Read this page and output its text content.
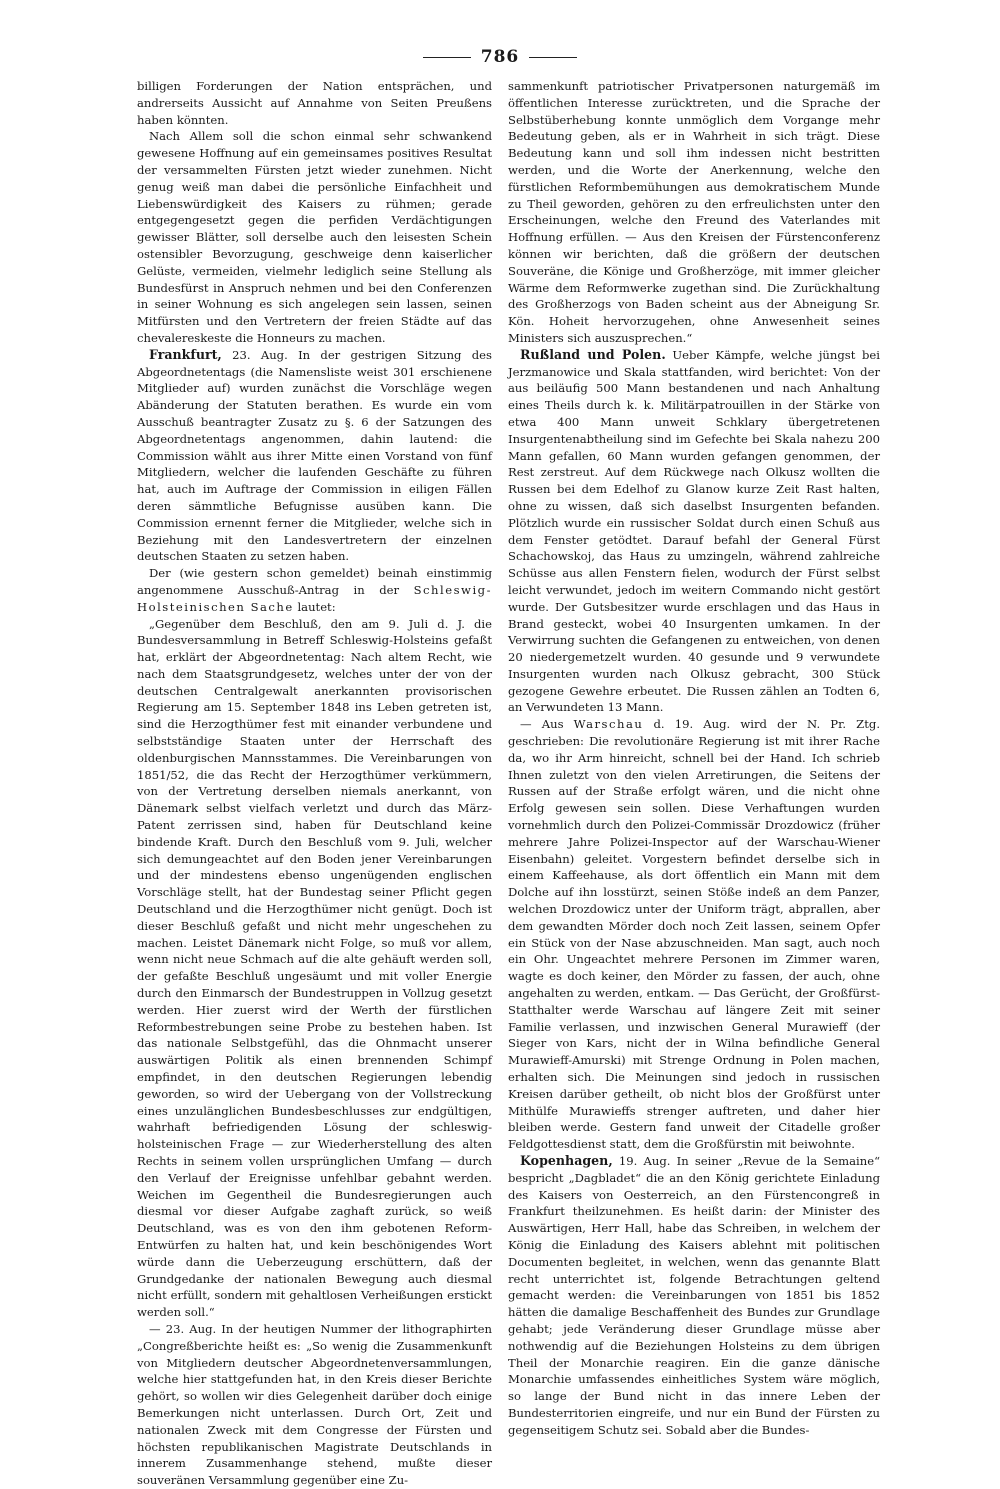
786

billigen Forderungen der Nation entsprächen, und andrerseits Aussicht auf Annahme von Seiten Preußens haben könnten.

Nach Allem soll die schon einmal sehr schwankend gewesene Hoffnung auf ein gemeinsames positives Resultat der versammelten Fürsten jetzt wieder zunehmen. Nicht genug weiß man dabei die persönliche Einfachheit und Liebenswürdigkeit des Kaisers zu rühmen; gerade entgegengesetzt gegen die perfiden Verdächtigungen gewisser Blätter, soll derselbe auch den leisesten Schein ostensibler Bevorzugung, geschweige denn kaiserlicher Gelüste, vermeiden, vielmehr lediglich seine Stellung als Bundesfürst in Anspruch nehmen und bei den Conferenzen in seiner Wohnung es sich angelegen sein lassen, seinen Mitfürsten und den Vertretern der freien Städte auf das chevalereskeste die Honneurs zu machen.

Frankfurt, 23. Aug. In der gestrigen Sitzung des Abgeordnetentags (die Namensliste weist 301 erschienene Mitglieder auf) wurden zunächst die Vorschläge wegen Abänderung der Statuten berathen. Es wurde ein vom Ausschuß beantragter Zusatz zu §. 6 der Satzungen des Abgeordnetentags angenommen, dahin lautend: die Commission wählt aus ihrer Mitte einen Vorstand von fünf Mitgliedern, welcher die laufenden Geschäfte zu führen hat, auch im Auftrage der Commission in eiligen Fällen deren sämmtliche Befugnisse ausüben kann. Die Commission ernennt ferner die Mitglieder, welche sich in Beziehung mit den Landesvertretern der einzelnen deutschen Staaten zu setzen haben.

Der (wie gestern schon gemeldet) beinah einstimmig angenommene Ausschuß-Antrag in der Schleswig-Holsteinischen Sache lautet:

„Gegenüber dem Beschluß, den am 9. Juli d. J. die Bundesversammlung in Betreff Schleswig-Holsteins gefaßt hat, erklärt der Abgeordnetentag: Nach altem Recht, wie nach dem Staatsgrundgesetz, welches unter der von der deutschen Centralgewalt anerkannten provisorischen Regierung am 15. September 1848 ins Leben getreten ist, sind die Herzogthümer fest mit einander verbundene und selbstständige Staaten unter der Herrschaft des oldenburgischen Mannsstammes. Die Vereinbarungen von 1851/52, die das Recht der Herzogthümer verkümmern, von der Vertretung derselben niemals anerkannt, von Dänemark selbst vielfach verletzt und durch das März-Patent zerrissen sind, haben für Deutschland keine bindende Kraft. Durch den Beschluß vom 9. Juli, welcher sich demungeachtet auf den Boden jener Vereinbarungen und der mindestens ebenso ungenügenden englischen Vorschläge stellt, hat der Bundestag seiner Pflicht gegen Deutschland und die Herzogthümer nicht genügt. Doch ist dieser Beschluß gefaßt und nicht mehr ungeschehen zu machen. Leistet Dänemark nicht Folge, so muß vor allem, wenn nicht neue Schmach auf die alte gehäuft werden soll, der gefaßte Beschluß ungesäumt und mit voller Energie durch den Einmarsch der Bundestruppen in Vollzug gesetzt werden. Hier zuerst wird der Werth der fürstlichen Reformbestrebungen seine Probe zu bestehen haben. Ist das nationale Selbstgefühl, das die Ohnmacht unserer auswärtigen Politik als einen brennenden Schimpf empfindet, in den deutschen Regierungen lebendig geworden, so wird der Uebergang von der Vollstreckung eines unzulänglichen Bundesbeschlusses zur endgültigen, wahrhaft befriedigenden Lösung der schleswig-holsteinischen Frage — zur Wiederherstellung des alten Rechts in seinem vollen ursprünglichen Umfang — durch den Verlauf der Ereignisse unfehlbar gebahnt werden. Weichen im Gegentheil die Bundesregierungen auch diesmal vor dieser Aufgabe zaghaft zurück, so weiß Deutschland, was es von den ihm gebotenen Reform-Entwürfen zu halten hat, und kein beschönigendes Wort würde dann die Ueberzeugung erschüttern, daß der Grundgedanke der nationalen Bewegung auch diesmal nicht erfüllt, sondern mit gehaltlosen Verheißungen erstickt werden soll.“

— 23. Aug. In der heutigen Nummer der lithographirten „Congreßberichte heißt es: „So wenig die Zusammenkunft von Mitgliedern deutscher Abgeordnetenversammlungen, welche hier stattgefunden hat, in den Kreis dieser Berichte gehört, so wollen wir dies Gelegenheit darüber doch einige Bemerkungen nicht unterlassen. Durch Ort, Zeit und nationalen Zweck mit dem Congresse der Fürsten und höchsten republikanischen Magistrate Deutschlands in innerem Zusammenhange stehend, mußte dieser souveränen Versammlung gegenüber eine Zu-

sammenkunft patriotischer Privatpersonen naturgemäß im öffentlichen Interesse zurücktreten, und die Sprache der Selbstüberhebung konnte unmöglich dem Vorgange mehr Bedeutung geben, als er in Wahrheit in sich trägt. Diese Bedeutung kann und soll ihm indessen nicht bestritten werden, und die Worte der Anerkennung, welche den fürstlichen Reformbemühungen aus demokratischem Munde zu Theil geworden, gehören zu den erfreulichsten unter den Erscheinungen, welche den Freund des Vaterlandes mit Hoffnung erfüllen. — Aus den Kreisen der Fürstenconferenz können wir berichten, daß die größern der deutschen Souveräne, die Könige und Großherzöge, mit immer gleicher Wärme dem Reformwerke zugethan sind. Die Zurückhaltung des Großherzogs von Baden scheint aus der Abneigung Sr. Kön. Hoheit hervorzugehen, ohne Anwesenheit seines Ministers sich auszusprechen.“

Rußland und Polen. Ueber Kämpfe, welche jüngst bei Jerzmanowice und Skala stattfanden, wird berichtet: Von der aus beiläufig 500 Mann bestandenen und nach Anhaltung eines Theils durch k. k. Militärpatrouillen in der Stärke von etwa 400 Mann unweit Schklary übergetretenen Insurgentenabtheilung sind im Gefechte bei Skala nahezu 200 Mann gefallen, 60 Mann wurden gefangen genommen, der Rest zerstreut. Auf dem Rückwege nach Olkusz wollten die Russen bei dem Edelhof zu Glanow kurze Zeit Rast halten, ohne zu wissen, daß sich daselbst Insurgenten befanden. Plötzlich wurde ein russischer Soldat durch einen Schuß aus dem Fenster getödtet. Darauf befahl der General Fürst Schachowskoj, das Haus zu umzingeln, während zahlreiche Schüsse aus allen Fenstern fielen, wodurch der Fürst selbst leicht verwundet, jedoch im weitern Commando nicht gestört wurde. Der Gutsbesitzer wurde erschlagen und das Haus in Brand gesteckt, wobei 40 Insurgenten umkamen. In der Verwirrung suchten die Gefangenen zu entweichen, von denen 20 niedergemetzelt wurden. 40 gesunde und 9 verwundete Insurgenten wurden nach Olkusz gebracht, 300 Stück gezogene Gewehre erbeutet. Die Russen zählen an Todten 6, an Verwundeten 13 Mann.

— Aus Warschau d. 19. Aug. wird der N. Pr. Ztg. geschrieben: Die revolutionäre Regierung ist mit ihrer Rache da, wo ihr Arm hinreicht, schnell bei der Hand. Ich schrieb Ihnen zuletzt von den vielen Arretirungen, die Seitens der Russen auf der Straße erfolgt wären, und die nicht ohne Erfolg gewesen sein sollen. Diese Verhaftungen wurden vornehmlich durch den Polizei-Commissär Drozdowicz (früher mehrere Jahre Polizei-Inspector auf der Warschau-Wiener Eisenbahn) geleitet. Vorgestern befindet derselbe sich in einem Kaffeehause, als dort öffentlich ein Mann mit dem Dolche auf ihn losstürzt, seinen Stöße indeß an dem Panzer, welchen Drozdowicz unter der Uniform trägt, abprallen, aber dem gewandten Mörder doch noch Zeit lassen, seinem Opfer ein Stück von der Nase abzuschneiden. Man sagt, auch noch ein Ohr. Ungeachtet mehrere Personen im Zimmer waren, wagte es doch keiner, den Mörder zu fassen, der auch, ohne angehalten zu werden, entkam. — Das Gerücht, der Großfürst-Statthalter werde Warschau auf längere Zeit mit seiner Familie verlassen, und inzwischen General Murawieff (der Sieger von Kars, nicht der in Wilna befindliche General Murawieff-Amurski) mit Strenge Ordnung in Polen machen, erhalten sich. Die Meinungen sind jedoch in russischen Kreisen darüber getheilt, ob nicht blos der Großfürst unter Mithülfe Murawieffs strenger auftreten, und daher hier bleiben werde. Gestern fand unweit der Citadelle großer Feldgottesdienst statt, dem die Großfürstin mit beiwohnte.

Kopenhagen, 19. Aug. In seiner „Revue de la Semaine“ bespricht „Dagbladet“ die an den König gerichtete Einladung des Kaisers von Oesterreich, an den Fürstencongreß in Frankfurt theilzunehmen. Es heißt darin: der Minister des Auswärtigen, Herr Hall, habe das Schreiben, in welchem der König die Einladung des Kaisers ablehnt mit politischen Documenten begleitet, in welchen, wenn das genannte Blatt recht unterrichtet ist, folgende Betrachtungen geltend gemacht werden: die Vereinbarungen von 1851 bis 1852 hätten die damalige Beschaffenheit des Bundes zur Grundlage gehabt; jede Veränderung dieser Grundlage müsse aber nothwendig auf die Beziehungen Holsteins zu dem übrigen Theil der Monarchie reagiren. Ein die ganze dänische Monarchie umfassendes einheitliches System wäre möglich, so lange der Bund nicht in das innere Leben der Bundesterritorien eingreife, und nur ein Bund der Fürsten zu gegenseitigem Schutz sei. Sobald aber die Bundes-
